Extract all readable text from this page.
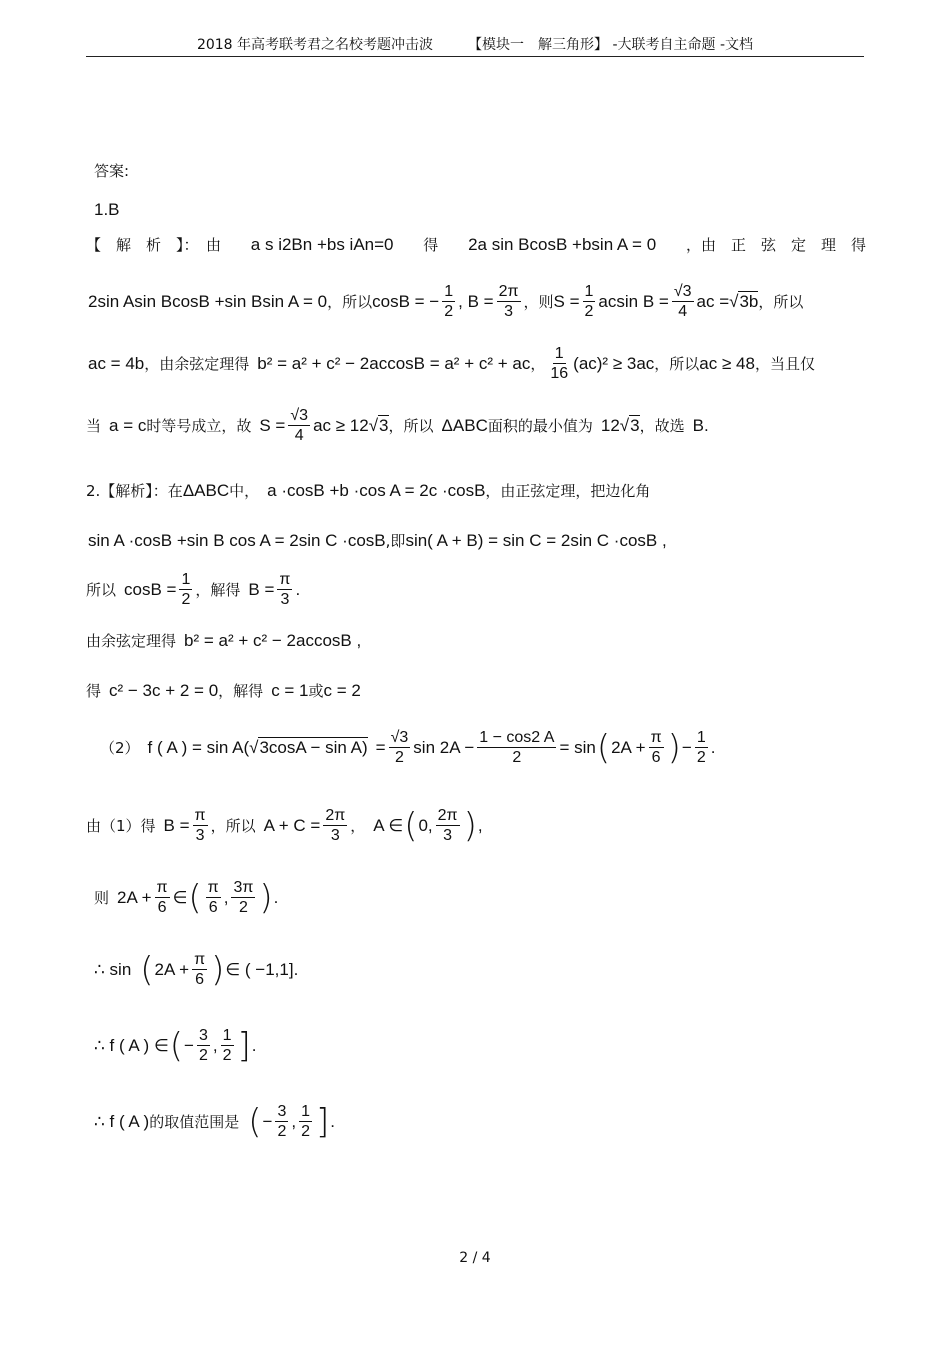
2018 年高考联考君之名校考题冲击波　　　【模块一　解三角形】 -大联考自主命题 -文档
答案:
1.B
【　解　析　】：　由 a s i2Bn +bs iAn=0 得 2a sin BcosB +bsin A = 0 ，由　正　弦　定　理　得
2sin Asin BcosB +sin Bsin A = 0 ，所以 cosB = − $\frac{1}{2}$ , $B = \frac{2\pi}{3}$ ，则 $S = \frac{1}{2}$ acsin $B = \frac{√3}{4}$ ac = √ 3b ，所以
ac = 4b ，由余弦定理得 b² = a² + c² − 2accosB = a² + c² + ac ， $\frac{1}{16} (ac)^2 \ge 3ac$ ，所以 ac ≥ 48 ，当且仅
当 a = c 时等号成立，故 $S = \frac{√3}{4}$ ac ≥ 12 √ 3 ，所以 ΔABC 面积的最小值为 12 √ 3 ，故选 B.
2.【解析】：在 ΔABC 中， a ·cosB +b ·cos A = 2c ·cosB ，由正弦定理，把边化角
sin A ·cosB +sin B cos A = 2sin C ·cosB ,即 sin( A + B) = sin C = 2sin C ·cosB ,
所以 $\cos B = \frac{1}{2}$ ，解得 $B = \frac{\pi}{3}$ .
由余弦定理得 b² = a² + c² − 2accosB ,
得 c² − 3c + 2 = 0 ，解得 c = 1 或 c = 2
（2） f ( A ) = sin A( √ $3\cos A - \sin A) = \frac{√3}{2}$ $\sin 2A - \frac{1 - \cos 2 A}{2} = \sin$ ( $2A + \frac{\pi}{6}$ ) − $\frac{1}{2}$ .
由（1）得 $B = \frac{\pi}{3}$ ，所以 $A + C = \frac{2\pi}{3}$ ， A ∈ ( 0, $\frac{2\pi}{3}$ ) ,
则 $2A + \frac{\pi}{6}$ ∈ ( $\frac{\pi}{6}$ , $\frac{3\pi}{2}$ ) .
∴ sin ( $2A + \frac{\pi}{6}$ ) ∈ ( −1,1] .
∴ f ( A ) ∈ ( − $\frac{3}{2}$ , $\frac{1}{2}$ ] .
∴ f ( A ) 的取值范围是 ( − $\frac{3}{2}$ , $\frac{1}{2}$ ] .
2 / 4
